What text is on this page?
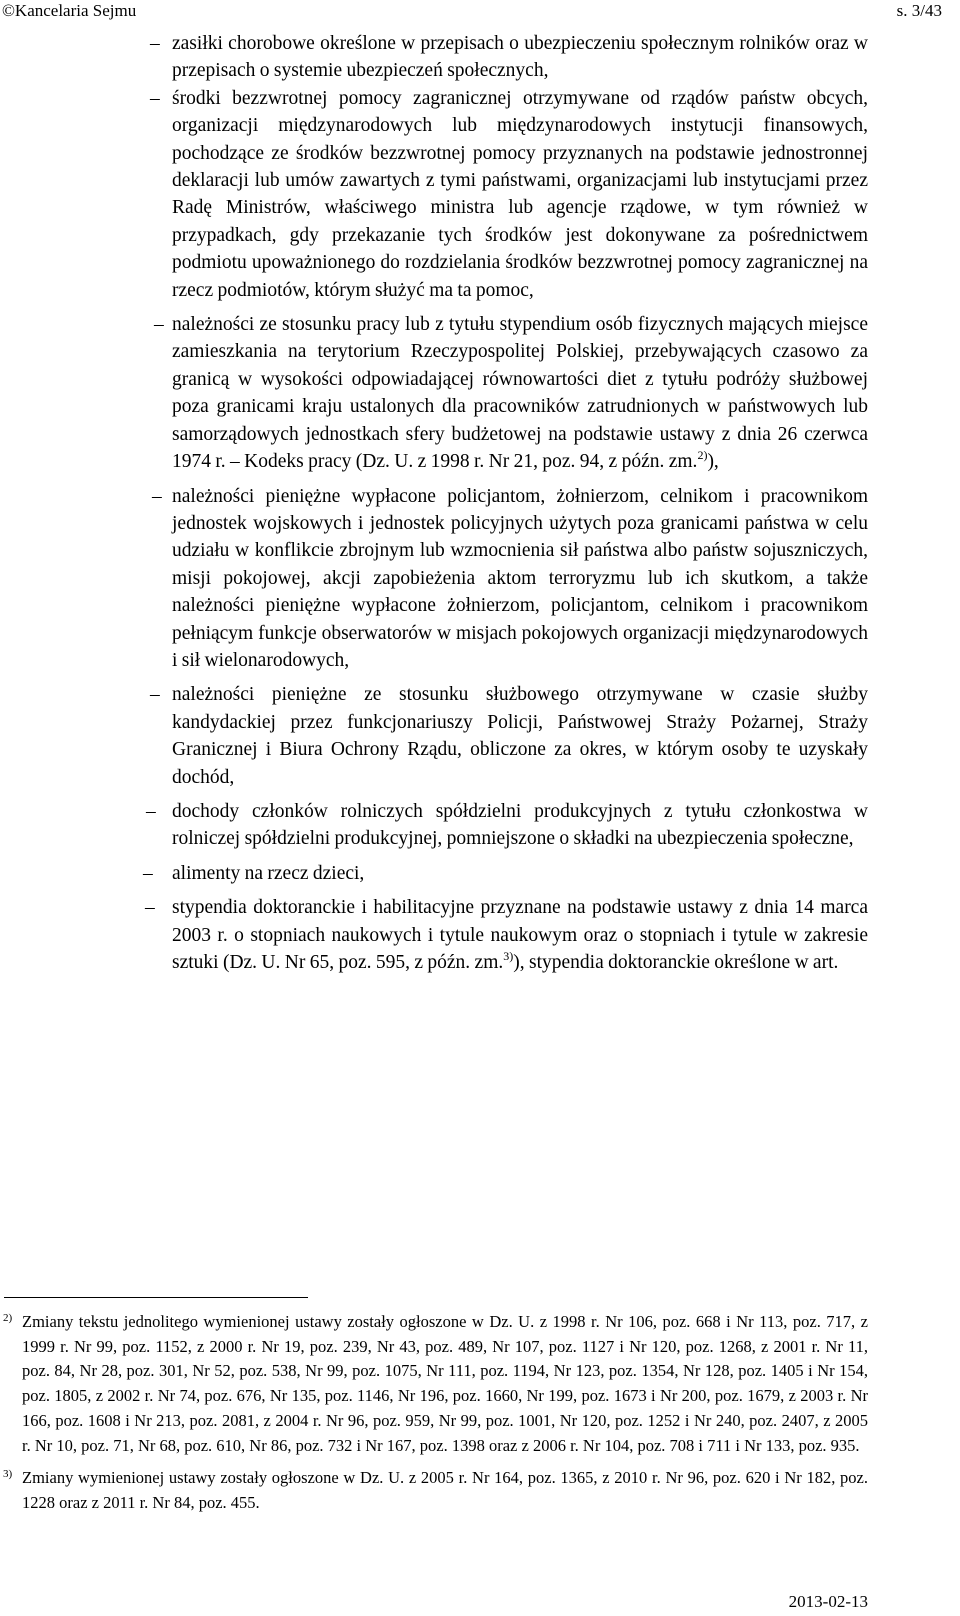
©Kancelaria Sejmu	s. 3/43

– zasiłki chorobowe określone w przepisach o ubezpieczeniu społecznym rolników oraz w przepisach o systemie ubezpieczeń społecznych,

– środki bezzwrotnej pomocy zagranicznej otrzymywane od rządów państw obcych, organizacji międzynarodowych lub międzynarodowych instytucji finansowych, pochodzące ze środków bezzwrotnej pomocy przyznanych na podstawie jednostronnej deklaracji lub umów zawartych z tymi państwami, organizacjami lub instytucjami przez Radę Ministrów, właściwego ministra lub agencje rządowe, w tym również w przypadkach, gdy przekazanie tych środków jest dokonywane za pośrednictwem podmiotu upoważnionego do rozdzielania środków bezzwrotnej pomocy zagranicznej na rzecz podmiotów, którym służyć ma ta pomoc,

– należności ze stosunku pracy lub z tytułu stypendium osób fizycznych mających miejsce zamieszkania na terytorium Rzeczypospolitej Polskiej, przebywających czasowo za granicą w wysokości odpowiadającej równowartości diet z tytułu podróży służbowej poza granicami kraju ustalonych dla pracowników zatrudnionych w państwowych lub samorządowych jednostkach sfery budżetowej na podstawie ustawy z dnia 26 czerwca 1974 r. – Kodeks pracy (Dz. U. z 1998 r. Nr 21, poz. 94, z późn. zm.$^{2)}$),

– należności pieniężne wypłacone policjantom, żołnierzom, celnikom i pracownikom jednostek wojskowych i jednostek policyjnych użytych poza granicami państwa w celu udziału w konflikcie zbrojnym lub wzmocnienia sił państwa albo państw sojuszniczych, misji pokojowej, akcji zapobieżenia aktom terroryzmu lub ich skutkom, a także należności pieniężne wypłacone żołnierzom, policjantom, celnikom i pracownikom pełniącym funkcje obserwatorów w misjach pokojowych organizacji międzynarodowych i sił wielonarodowych,

– należności pieniężne ze stosunku służbowego otrzymywane w czasie służby kandydackiej przez funkcjonariuszy Policji, Państwowej Straży Pożarnej, Straży Granicznej i Biura Ochrony Rządu, obliczone za okres, w którym osoby te uzyskały dochód,

– dochody członków rolniczych spółdzielni produkcyjnych z tytułu członkostwa w rolniczej spółdzielni produkcyjnej, pomniejszone o składki na ubezpieczenia społeczne,

– alimenty na rzecz dzieci,

– stypendia doktoranckie i habilitacyjne przyznane na podstawie ustawy z dnia 14 marca 2003 r. o stopniach naukowych i tytule naukowym oraz o stopniach i tytule w zakresie sztuki (Dz. U. Nr 65, poz. 595, z późn. zm.$^{3)}$), stypendia doktoranckie określone w art.

2) Zmiany tekstu jednolitego wymienionej ustawy zostały ogłoszone w Dz. U. z 1998 r. Nr 106, poz. 668 i Nr 113, poz. 717, z 1999 r. Nr 99, poz. 1152, z 2000 r. Nr 19, poz. 239, Nr 43, poz. 489, Nr 107, poz. 1127 i Nr 120, poz. 1268, z 2001 r. Nr 11, poz. 84, Nr 28, poz. 301, Nr 52, poz. 538, Nr 99, poz. 1075, Nr 111, poz. 1194, Nr 123, poz. 1354, Nr 128, poz. 1405 i Nr 154, poz. 1805, z 2002 r. Nr 74, poz. 676, Nr 135, poz. 1146, Nr 196, poz. 1660, Nr 199, poz. 1673 i Nr 200, poz. 1679, z 2003 r. Nr 166, poz. 1608 i Nr 213, poz. 2081, z 2004 r. Nr 96, poz. 959, Nr 99, poz. 1001, Nr 120, poz. 1252 i Nr 240, poz. 2407, z 2005 r. Nr 10, poz. 71, Nr 68, poz. 610, Nr 86, poz. 732 i Nr 167, poz. 1398 oraz z 2006 r. Nr 104, poz. 708 i 711 i Nr 133, poz. 935.

3) Zmiany wymienionej ustawy zostały ogłoszone w Dz. U. z 2005 r. Nr 164, poz. 1365, z 2010 r. Nr 96, poz. 620 i Nr 182, poz. 1228 oraz z 2011 r. Nr 84, poz. 455.

2013-02-13
